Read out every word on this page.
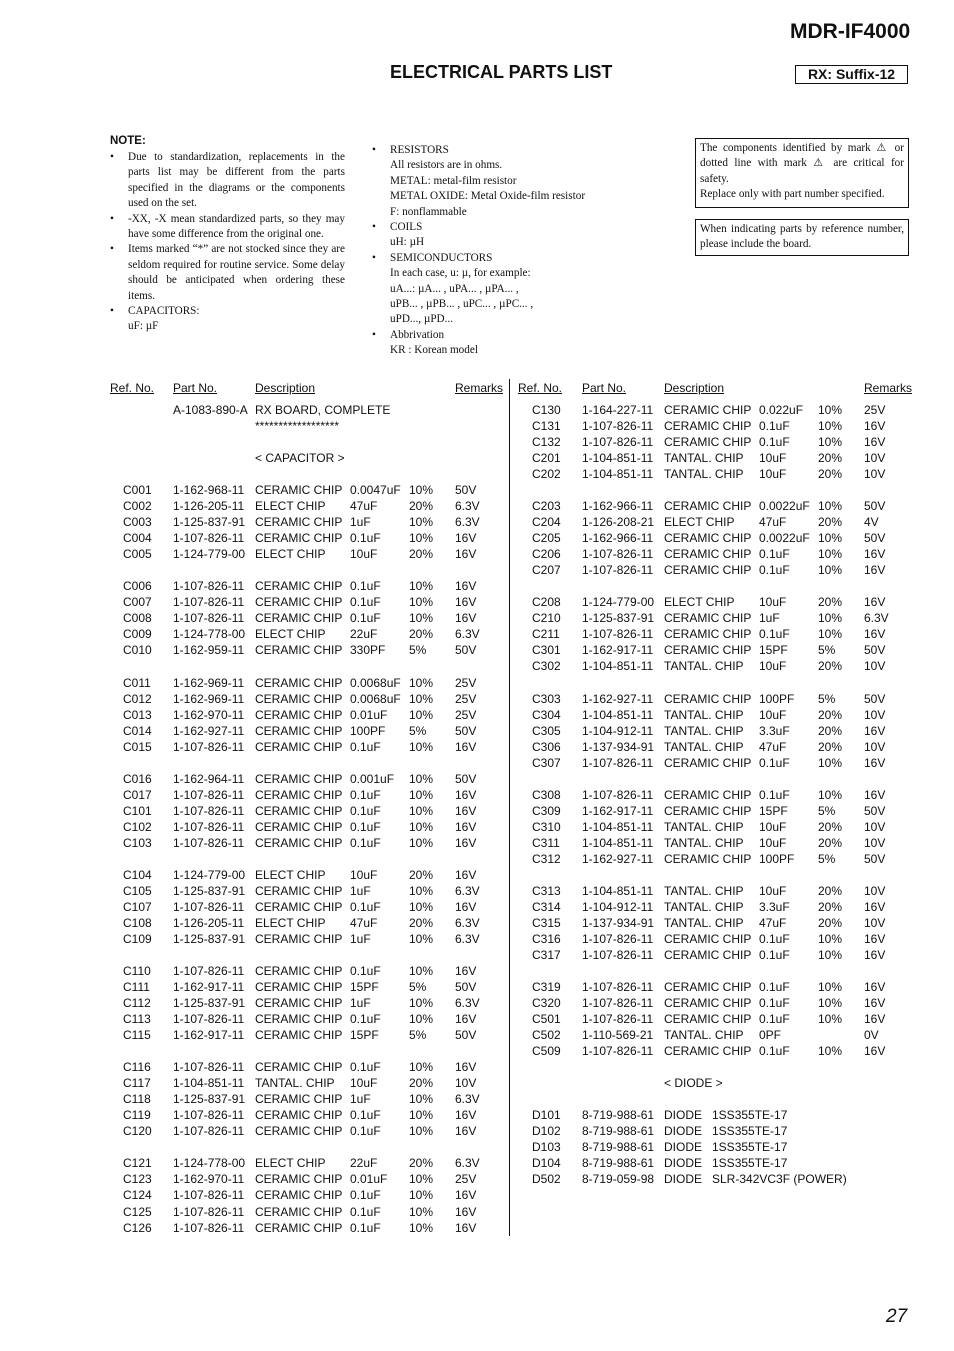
MDR-IF4000
ELECTRICAL PARTS LIST	RX: Suffix-12
NOTE:
• Due to standardization, replacements in the parts list may be different from the parts specified in the diagrams or the components used on the set.
• -XX, -X mean standardized parts, so they may have some difference from the original one.
• Items marked “*” are not stocked since they are seldom required for routine service. Some delay should be anticipated when ordering these items.
• CAPACITORS:
uF: µF
• RESISTORS
All resistors are in ohms.
METAL: metal-film resistor
METAL OXIDE: Metal Oxide-film resistor
F: nonflammable
• COILS
uH: µH
• SEMICONDUCTORS
In each case, u: µ, for example:
uA...: µA... , uPA... , µPA... ,
uPB... , µPB... , uPC... , µPC... ,
uPD..., µPD...
• Abbrivation
KR : Korean model
The components identified by mark ⚠ or dotted line with mark ⚠ are critical for safety.
Replace only with part number specified.
When indicating parts by reference number, please include the board.
Ref. No. Part No.	Description	Remarks Ref. No. Part No.	Description	Remarks
A-1083-890-A RX BOARD, COMPLETE
******************
< CAPACITOR >
C001 1-162-968-11 CERAMIC CHIP 0.0047uF 10% 50V
C002 1-126-205-11 ELECT CHIP 47uF	20% 6.3V
C003 1-125-837-91 CERAMIC CHIP 1uF	10% 6.3V
C004 1-107-826-11 CERAMIC CHIP 0.1uF 10% 16V
C005 1-124-779-00 ELECT CHIP 10uF	20% 16V
C006 1-107-826-11 CERAMIC CHIP 0.1uF 10% 16V
C007 1-107-826-11 CERAMIC CHIP 0.1uF 10% 16V
C008 1-107-826-11 CERAMIC CHIP 0.1uF 10% 16V
C009 1-124-778-00 ELECT CHIP 22uF	20% 6.3V
C010 1-162-959-11 CERAMIC CHIP 330PF 5% 50V
C011 1-162-969-11 CERAMIC CHIP 0.0068uF 10% 25V
C012 1-162-969-11 CERAMIC CHIP 0.0068uF 10% 25V
C013 1-162-970-11 CERAMIC CHIP 0.01uF 10% 25V
C014 1-162-927-11 CERAMIC CHIP 100PF 5% 50V
C015 1-107-826-11 CERAMIC CHIP 0.1uF 10% 16V
C016 1-162-964-11 CERAMIC CHIP 0.001uF 10% 50V
C017 1-107-826-11 CERAMIC CHIP 0.1uF 10% 16V
C101 1-107-826-11 CERAMIC CHIP 0.1uF 10% 16V
C102 1-107-826-11 CERAMIC CHIP 0.1uF 10% 16V
C103 1-107-826-11 CERAMIC CHIP 0.1uF 10% 16V
C104 1-124-779-00 ELECT CHIP 10uF	20% 16V
C105 1-125-837-91 CERAMIC CHIP 1uF	10% 6.3V
C107 1-107-826-11 CERAMIC CHIP 0.1uF 10% 16V
C108 1-126-205-11 ELECT CHIP 47uF	20% 6.3V
C109 1-125-837-91 CERAMIC CHIP 1uF	10% 6.3V
C110 1-107-826-11 CERAMIC CHIP 0.1uF 10% 16V
C111 1-162-917-11 CERAMIC CHIP 15PF	5% 50V
C112 1-125-837-91 CERAMIC CHIP 1uF	10% 6.3V
C113 1-107-826-11 CERAMIC CHIP 0.1uF 10% 16V
C115 1-162-917-11 CERAMIC CHIP 15PF	5% 50V
C116 1-107-826-11 CERAMIC CHIP 0.1uF 10% 16V
C117 1-104-851-11 TANTAL. CHIP 10uF	20% 10V
C118 1-125-837-91 CERAMIC CHIP 1uF	10% 6.3V
C119 1-107-826-11 CERAMIC CHIP 0.1uF 10% 16V
C120 1-107-826-11 CERAMIC CHIP 0.1uF 10% 16V
C121 1-124-778-00 ELECT CHIP 22uF	20% 6.3V
C123 1-162-970-11 CERAMIC CHIP 0.01uF 10% 25V
C124 1-107-826-11 CERAMIC CHIP 0.1uF 10% 16V
C125 1-107-826-11 CERAMIC CHIP 0.1uF 10% 16V
C126 1-107-826-11 CERAMIC CHIP 0.1uF 10% 16V
C130 1-164-227-11 CERAMIC CHIP 0.022uF 10% 25V
C131 1-107-826-11 CERAMIC CHIP 0.1uF 10% 16V
C132 1-107-826-11 CERAMIC CHIP 0.1uF 10% 16V
C201 1-104-851-11 TANTAL. CHIP 10uF	20% 10V
C202 1-104-851-11 TANTAL. CHIP 10uF	20% 10V
C203 1-162-966-11 CERAMIC CHIP 0.0022uF 10% 50V
C204 1-126-208-21 ELECT CHIP 47uF	20% 4V
C205 1-162-966-11 CERAMIC CHIP 0.0022uF 10% 50V
C206 1-107-826-11 CERAMIC CHIP 0.1uF 10% 16V
C207 1-107-826-11 CERAMIC CHIP 0.1uF 10% 16V
C208 1-124-779-00 ELECT CHIP 10uF	20% 16V
C210 1-125-837-91 CERAMIC CHIP 1uF	10% 6.3V
C211 1-107-826-11 CERAMIC CHIP 0.1uF 10% 16V
C301 1-162-917-11 CERAMIC CHIP 15PF	5% 50V
C302 1-104-851-11 TANTAL. CHIP 10uF	20% 10V
C303 1-162-927-11 CERAMIC CHIP 100PF 5% 50V
C304 1-104-851-11 TANTAL. CHIP 10uF	20% 10V
C305 1-104-912-11 TANTAL. CHIP 3.3uF 20% 16V
C306 1-137-934-91 TANTAL. CHIP 47uF	20% 10V
C307 1-107-826-11 CERAMIC CHIP 0.1uF 10% 16V
C308 1-107-826-11 CERAMIC CHIP 0.1uF 10% 16V
C309 1-162-917-11 CERAMIC CHIP 15PF	5% 50V
C310 1-104-851-11 TANTAL. CHIP 10uF	20% 10V
C311 1-104-851-11 TANTAL. CHIP 10uF	20% 10V
C312 1-162-927-11 CERAMIC CHIP 100PF 5% 50V
C313 1-104-851-11 TANTAL. CHIP 10uF	20% 10V
C314 1-104-912-11 TANTAL. CHIP 3.3uF 20% 16V
C315 1-137-934-91 TANTAL. CHIP 47uF	20% 10V
C316 1-107-826-11 CERAMIC CHIP 0.1uF 10% 16V
C317 1-107-826-11 CERAMIC CHIP 0.1uF 10% 16V
C319 1-107-826-11 CERAMIC CHIP 0.1uF 10% 16V
C320 1-107-826-11 CERAMIC CHIP 0.1uF 10% 16V
C501 1-107-826-11 CERAMIC CHIP 0.1uF 10% 16V
C502 1-110-569-21 TANTAL. CHIP 0PF	0V
C509 1-107-826-11 CERAMIC CHIP 0.1uF 10% 16V
< DIODE >
D101 8-719-988-61 DIODE   1SS355TE-17
D102 8-719-988-61 DIODE   1SS355TE-17
D103 8-719-988-61 DIODE   1SS355TE-17
D104 8-719-988-61 DIODE   1SS355TE-17
D502 8-719-059-98 DIODE   SLR-342VC3F (POWER)
27
